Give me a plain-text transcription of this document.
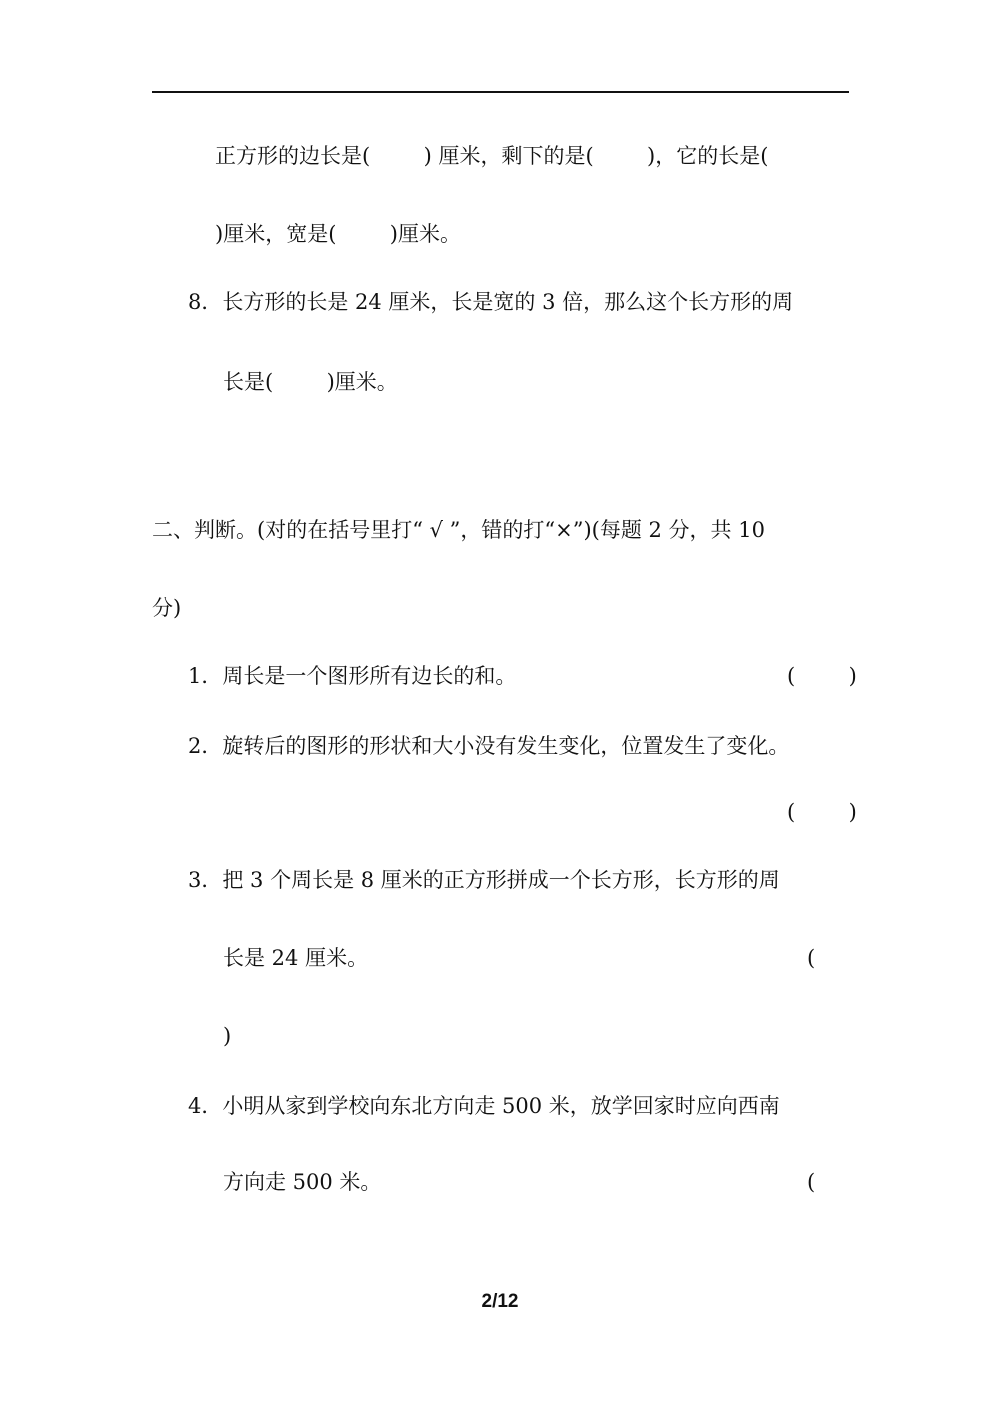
正方形的边长是(        ) 厘米，剩下的是(        )，它的长是(
)厘米，宽是(        )厘米。
8．长方形的长是 24 厘米，长是宽的 3 倍，那么这个长方形的周
长是(        )厘米。
二、判断。(对的在括号里打“ √ ”，错的打“×”)(每题 2 分，共 10
分)
1．周长是一个图形所有边长的和。	(        )
2．旋转后的图形的形状和大小没有发生变化，位置发生了变化。
(        )
3．把 3 个周长是 8 厘米的正方形拼成一个长方形，长方形的周
长是 24 厘米。	(
)
4．小明从家到学校向东北方向走 500 米，放学回家时应向西南
方向走 500 米。	(
2/12
